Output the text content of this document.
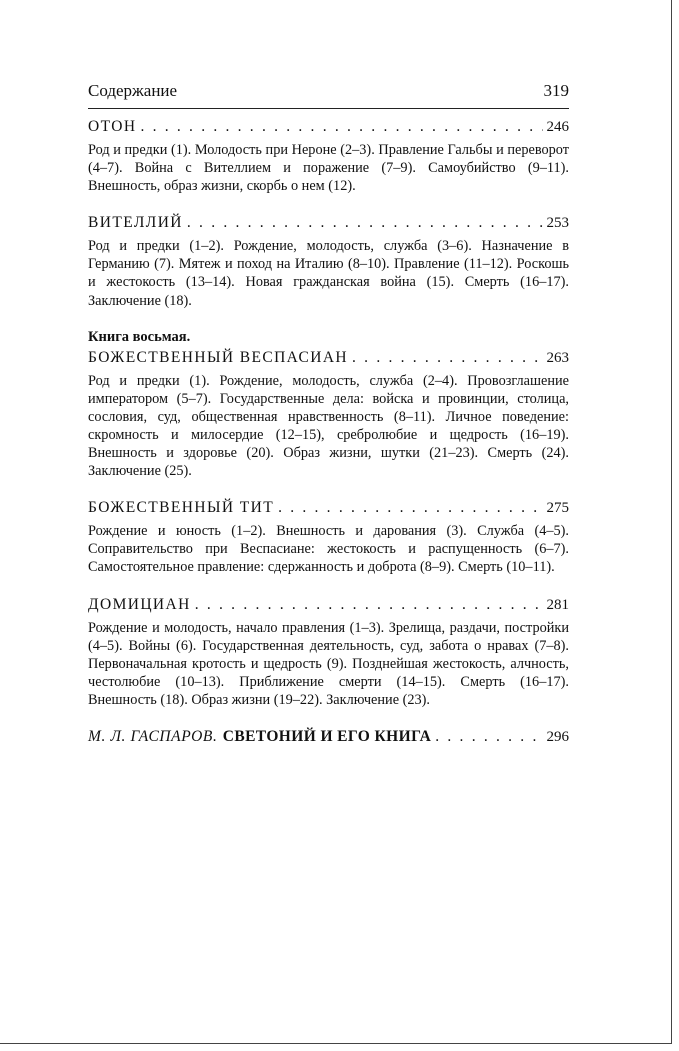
Содержание	319
ОТОН . . .	246
Род и предки (1). Молодость при Нероне (2–3). Правление Гальбы и переворот (4–7). Война с Вителлием и поражение (7–9). Самоубийство (9–11). Внешность, образ жизни, скорбь о нем (12).
ВИТЕЛЛИЙ . . .	253
Род и предки (1–2). Рождение, молодость, служба (3–6). Назначение в Германию (7). Мятеж и поход на Италию (8–10). Правление (11–12). Роскошь и жестокость (13–14). Новая гражданская война (15). Смерть (16–17). Заключение (18).
Книга восьмая.
БОЖЕСТВЕННЫЙ ВЕСПАСИАН . . .	263
Род и предки (1). Рождение, молодость, служба (2–4). Провозглашение императором (5–7). Государственные дела: войска и провинции, столица, сословия, суд, общественная нравственность (8–11). Личное поведение: скромность и милосердие (12–15), сребролюбие и щедрость (16–19). Внешность и здоровье (20). Образ жизни, шутки (21–23). Смерть (24). Заключение (25).
БОЖЕСТВЕННЫЙ ТИТ . . .	275
Рождение и юность (1–2). Внешность и дарования (3). Служба (4–5). Соправительство при Веспасиане: жестокость и распущенность (6–7). Самостоятельное правление: сдержанность и доброта (8–9). Смерть (10–11).
ДОМИЦИАН . . .	281
Рождение и молодость, начало правления (1–3). Зрелища, раздачи, постройки (4–5). Войны (6). Государственная деятельность, суд, забота о нравах (7–8). Первоначальная кротость и щедрость (9). Позднейшая жестокость, алчность, честолюбие (10–13). Приближение смерти (14–15). Смерть (16–17). Внешность (18). Образ жизни (19–22). Заключение (23).
М. Л. ГАСПАРОВ. СВЕТОНИЙ И ЕГО КНИГА . . .	296
